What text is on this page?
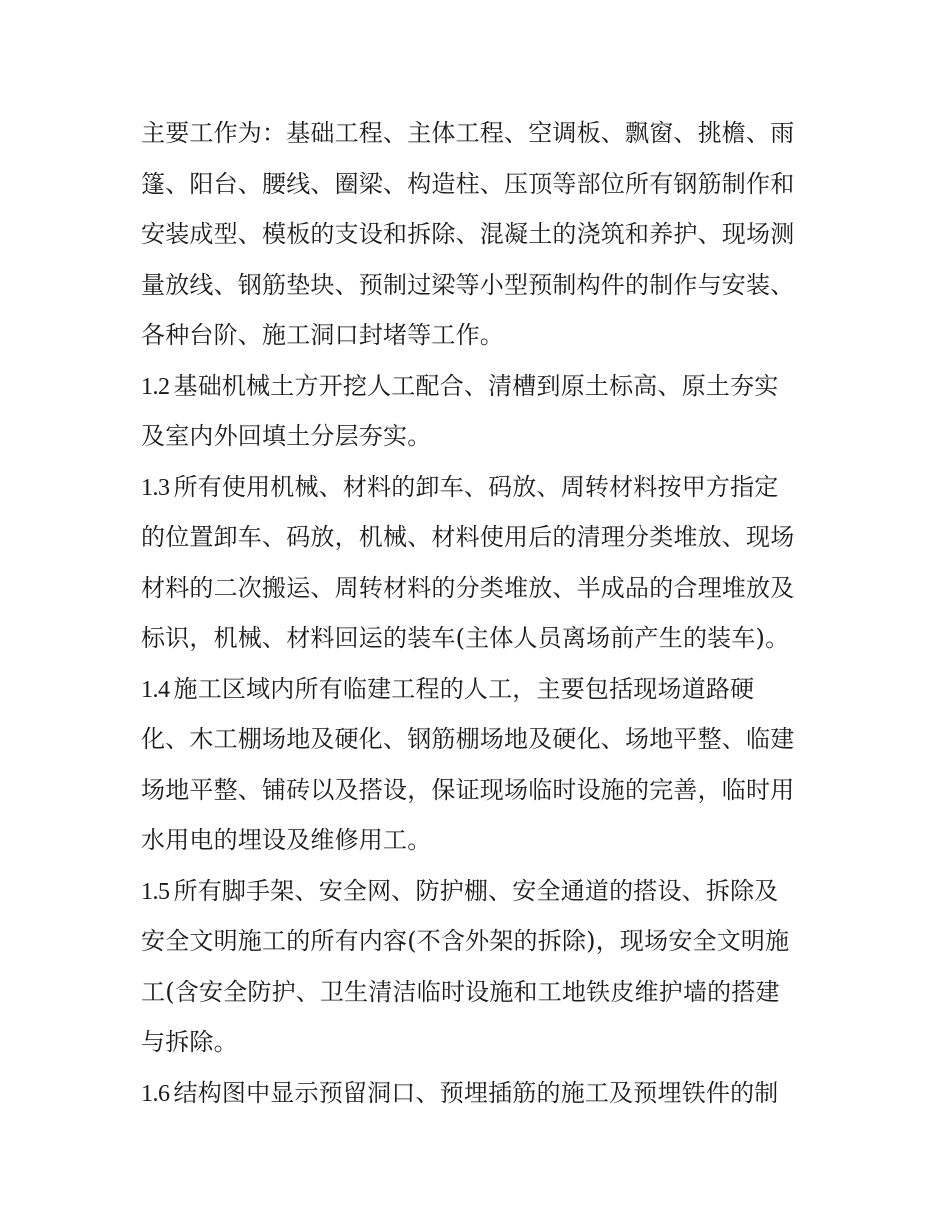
主要工作为：基础工程、主体工程、空调板、飘窗、挑檐、雨
篷、阳台、腰线、圈梁、构造柱、压顶等部位所有钢筋制作和
安装成型、模板的支设和拆除、混凝土的浇筑和养护、现场测
量放线、钢筋垫块、预制过梁等小型预制构件的制作与安装、
各种台阶、施工洞口封堵等工作。
1.2 基础机械土方开挖人工配合、清槽到原土标高、原土夯实
及室内外回填土分层夯实。
1.3 所有使用机械、材料的卸车、码放、周转材料按甲方指定
的位置卸车、码放，机械、材料使用后的清理分类堆放、现场
材料的二次搬运、周转材料的分类堆放、半成品的合理堆放及
标识，机械、材料回运的装车(主体人员离场前产生的装车)。
1.4 施工区域内所有临建工程的人工，主要包括现场道路硬
化、木工棚场地及硬化、钢筋棚场地及硬化、场地平整、临建
场地平整、铺砖以及搭设，保证现场临时设施的完善，临时用
水用电的埋设及维修用工。
1.5 所有脚手架、安全网、防护棚、安全通道的搭设、拆除及
安全文明施工的所有内容(不含外架的拆除)，现场安全文明施
工(含安全防护、卫生清洁临时设施和工地铁皮维护墙的搭建
与拆除。
1.6 结构图中显示预留洞口、预埋插筋的施工及预埋铁件的制
